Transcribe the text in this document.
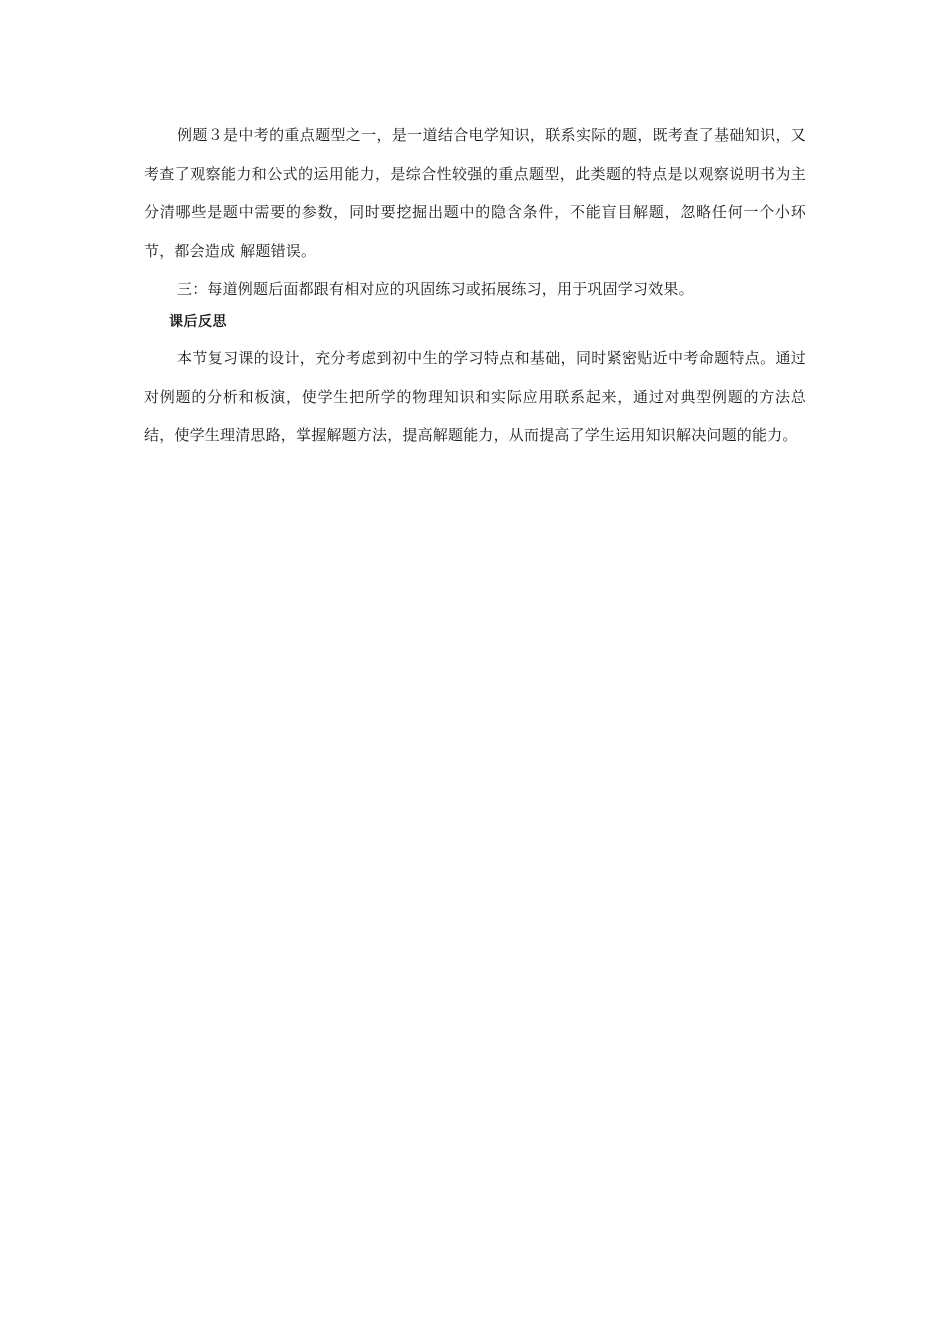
例题３是中考的重点题型之一，是一道结合电学知识，联系实际的题，既考查了基础知识，又考查了观察能力和公式的运用能力，是综合性较强的重点题型，此类题的特点是以观察说明书为主分清哪些是题中需要的参数，同时要挖掘出题中的隐含条件，不能盲目解题，忽略任何一个小环节，都会造成 解题错误。

三：每道例题后面都跟有相对应的巩固练习或拓展练习，用于巩固学习效果。

课后反思

本节复习课的设计，充分考虑到初中生的学习特点和基础，同时紧密贴近中考命题特点。通过对例题的分析和板演，使学生把所学的物理知识和实际应用联系起来，通过对典型例题的方法总结，使学生理清思路，掌握解题方法，提高解题能力，从而提高了学生运用知识解决问题的能力。
